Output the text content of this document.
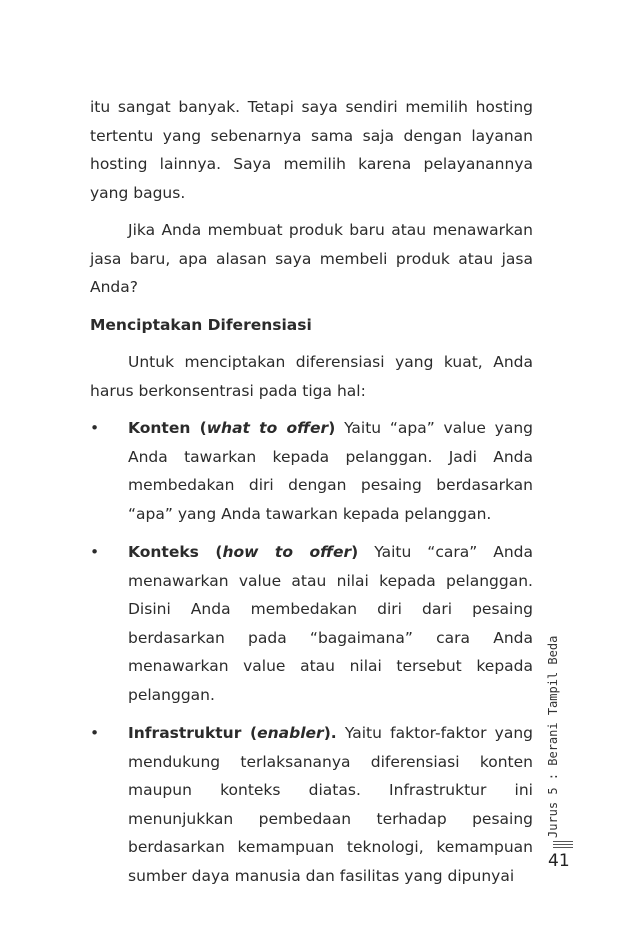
itu sangat banyak. Tetapi saya sendiri memilih hosting tertentu yang sebenarnya sama saja dengan layanan hosting lainnya. Saya memilih karena pelayanannya yang bagus.

Jika Anda membuat produk baru atau menawarkan jasa baru, apa alasan saya membeli produk atau jasa Anda?

Menciptakan Diferensiasi

Untuk menciptakan diferensiasi yang kuat, Anda harus berkonsentrasi pada tiga hal:

• Konten (what to offer) Yaitu “apa” value yang Anda tawarkan kepada pelanggan. Jadi Anda membedakan diri dengan pesaing berdasarkan “apa” yang Anda tawarkan kepada pelanggan.
• Konteks (how to offer) Yaitu “cara” Anda menawarkan value atau nilai kepada pelanggan. Disini Anda membedakan diri dari pesaing berdasarkan pada “bagaimana” cara Anda menawarkan value atau nilai tersebut kepada pelanggan.
• Infrastruktur (enabler). Yaitu faktor-faktor yang mendukung terlaksananya diferensiasi konten maupun konteks diatas. Infrastruktur ini menunjukkan pembedaan terhadap pesaing berdasarkan kemampuan teknologi, kemampuan sumber daya manusia dan fasilitas yang dipunyai
Jurus 5 : Berani Tampil Beda
41
